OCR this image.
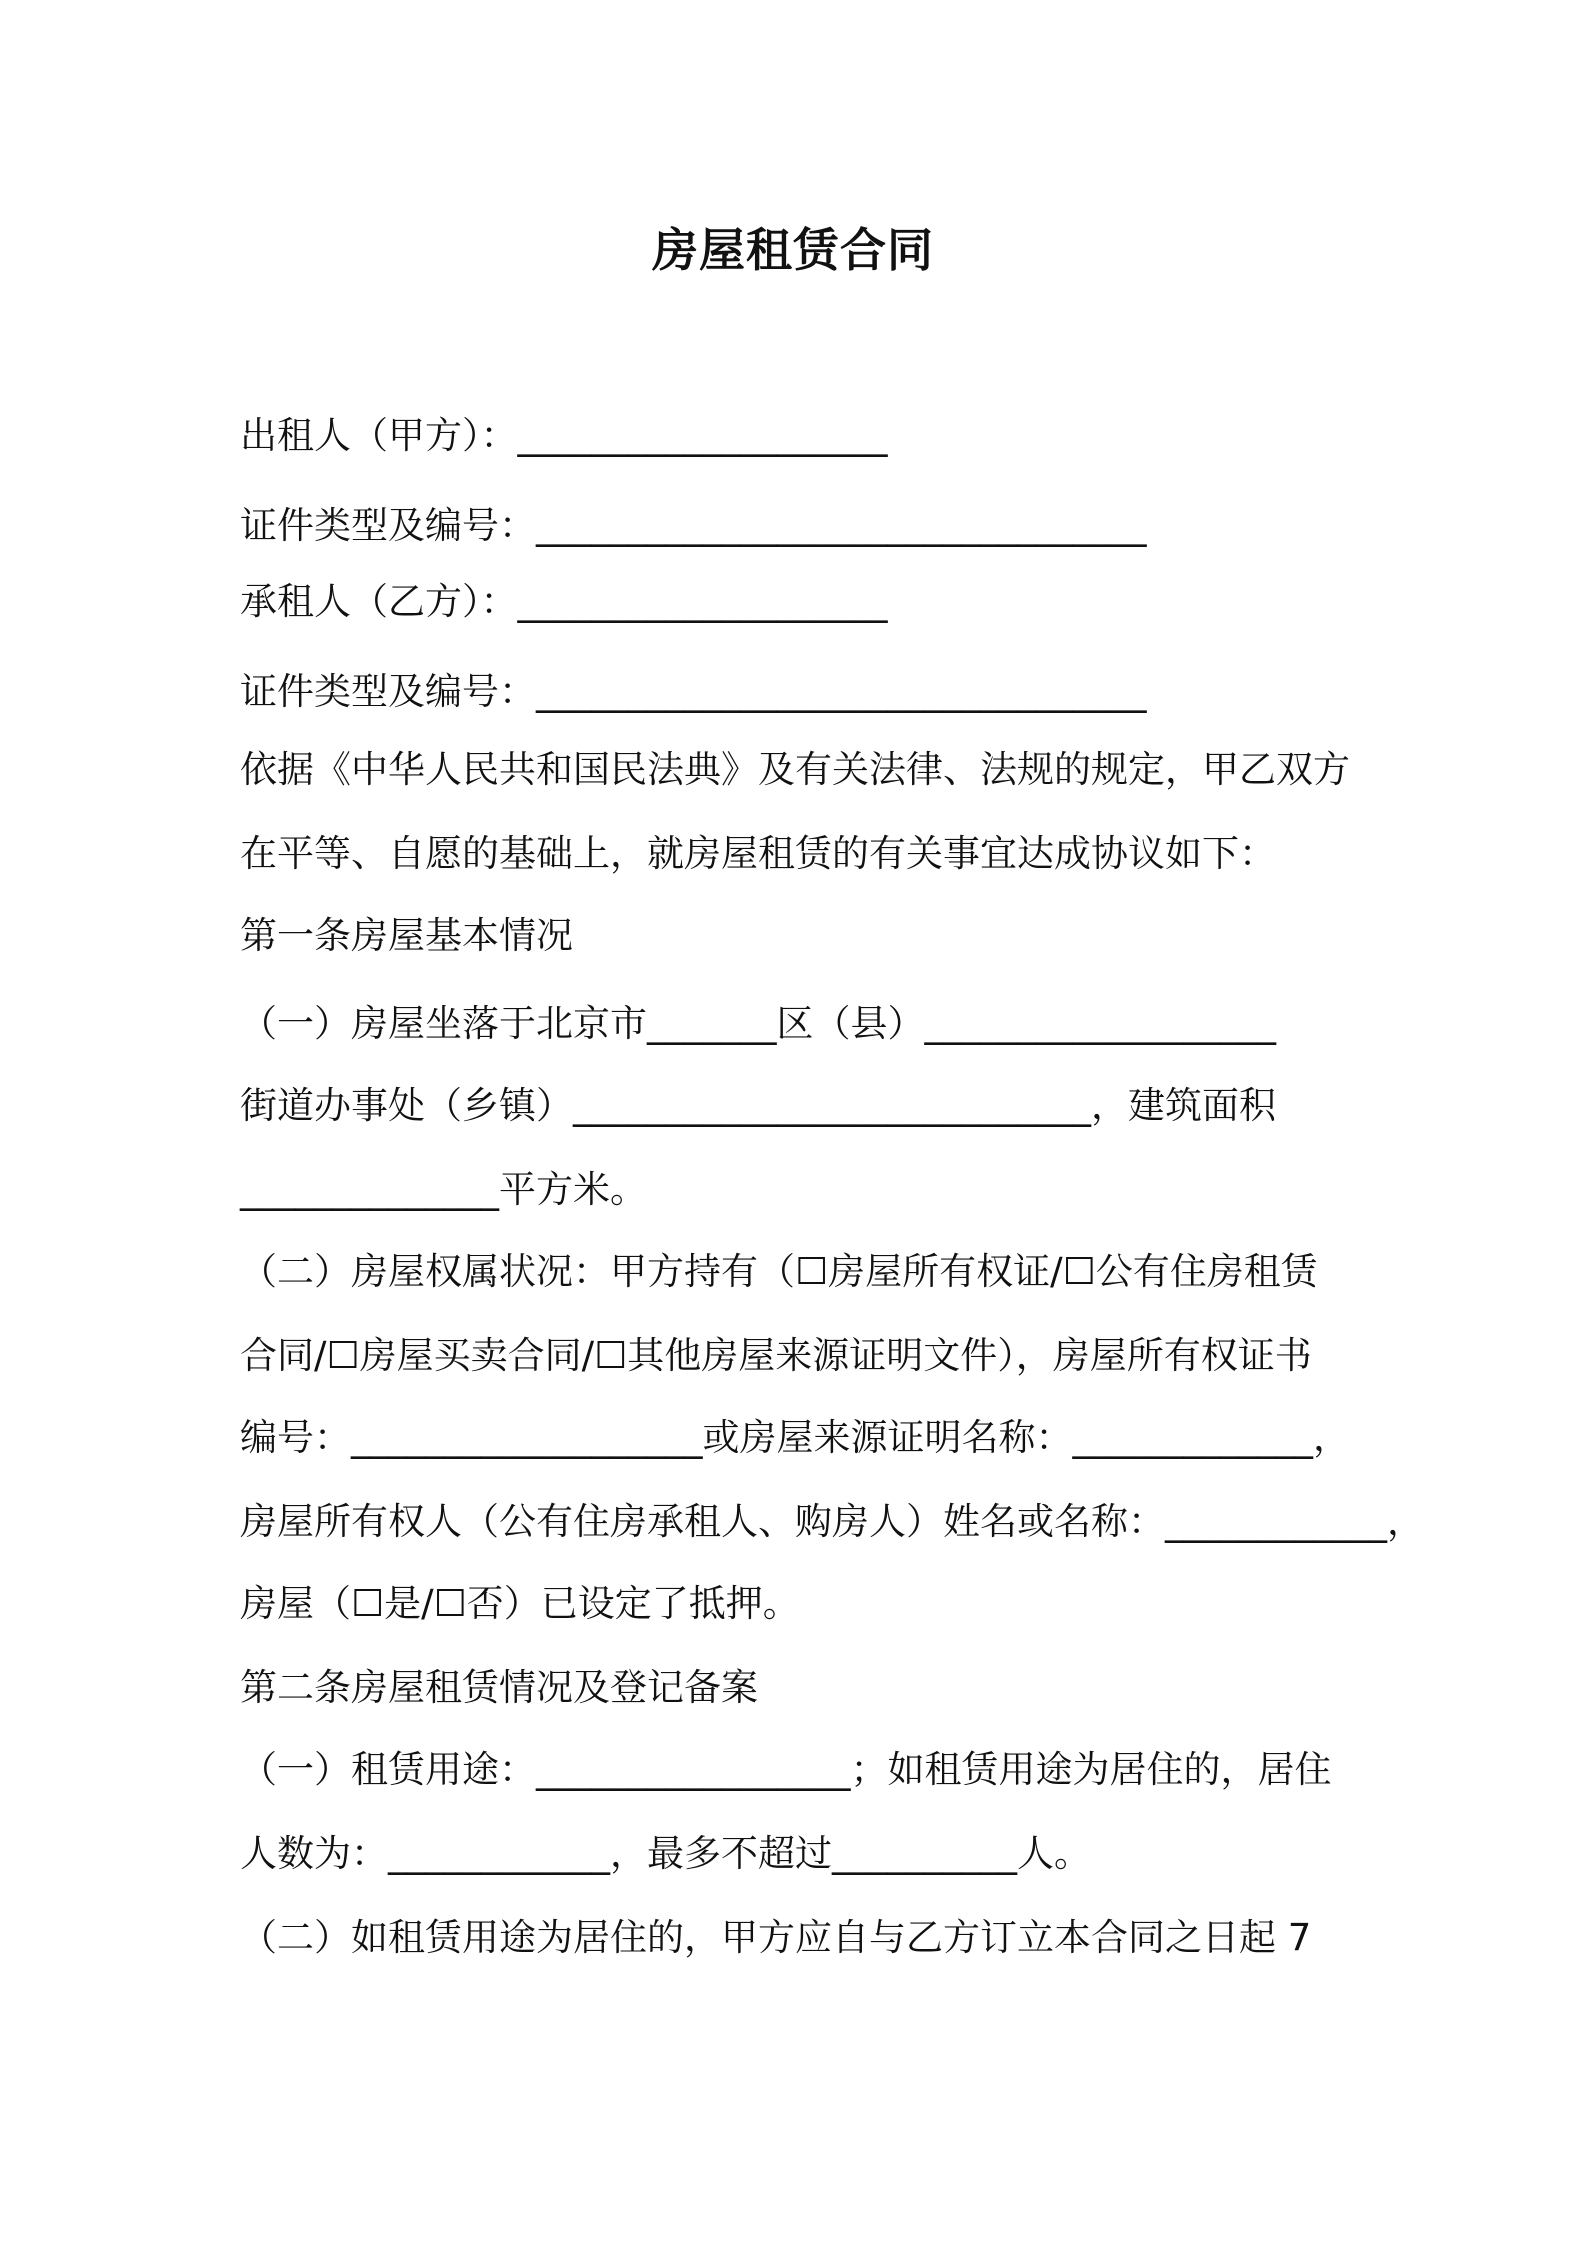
房屋租赁合同
出租人（甲方）：____________________
证件类型及编号：_________________________________
承租人（乙方）：____________________
证件类型及编号：_________________________________
依据《中华人民共和国民法典》及有关法律、法规的规定，甲乙双方
在平等、自愿的基础上，就房屋租赁的有关事宜达成协议如下：
第一条房屋基本情况
（一）房屋坐落于北京市_______区（县）___________________
街道办事处（乡镇）____________________________，建筑面积
______________平方米。
（二）房屋权属状况：甲方持有（☐房屋所有权证/☐公有住房租赁
合同/☐房屋买卖合同/☐其他房屋来源证明文件），房屋所有权证书
编号：___________________或房屋来源证明名称：_____________，
房屋所有权人（公有住房承租人、购房人）姓名或名称：____________，
房屋（☐是/☐否）已设定了抵押。
第二条房屋租赁情况及登记备案
（一）租赁用途：_________________；如租赁用途为居住的，居住
人数为：____________，最多不超过__________人。
（二）如租赁用途为居住的，甲方应自与乙方订立本合同之日起 7
